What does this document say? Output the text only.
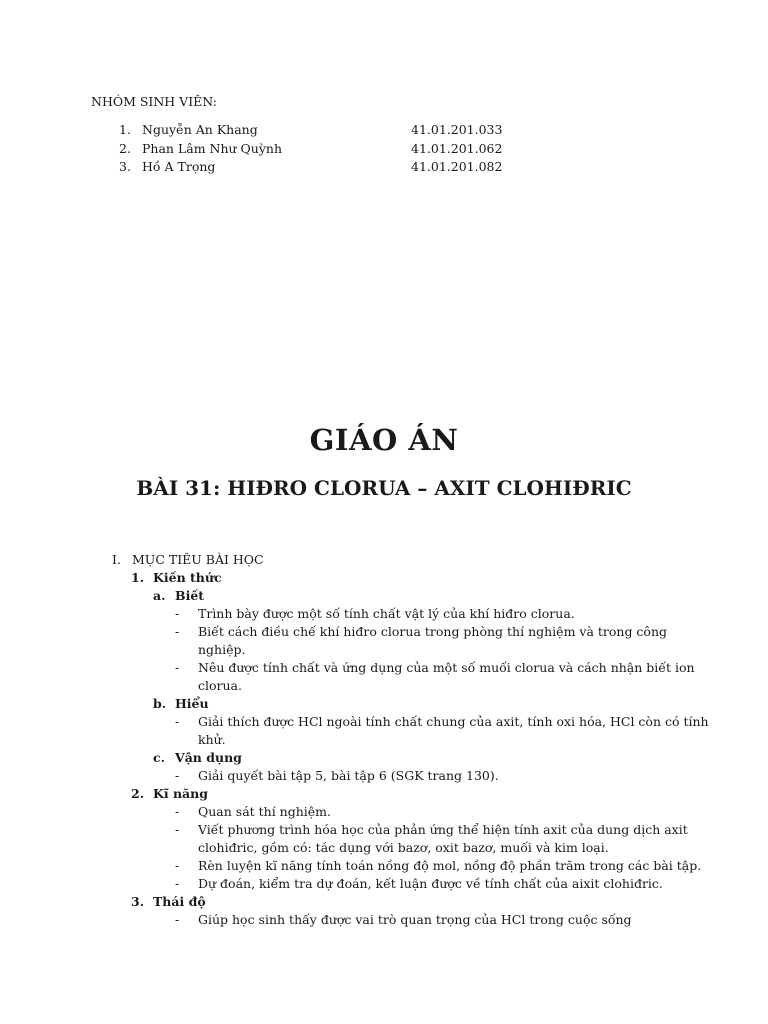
NHÓM SINH VIÊN:
1. Nguyễn An Khang	41.01.201.033
2. Phan Lâm Như Quỳnh	41.01.201.062
3. Hồ A Trọng	41.01.201.082
GIÁO ÁN
BÀI 31: HIĐRO CLORUA – AXIT CLOHIĐRIC
I. MỤC TIÊU BÀI HỌC
1. Kiến thức
a. Biết
- Trình bày được một số tính chất vật lý của khí hiđro clorua.
- Biết cách điều chế khí hiđro clorua trong phòng thí nghiệm và trong công
nghiệp.
- Nêu được tính chất và ứng dụng của một số muối clorua và cách nhận biết ion
clorua.
b. Hiểu
- Giải thích được HCl ngoài tính chất chung của axit, tính oxi hóa, HCl còn có tính
khử.
c. Vận dụng
- Giải quyết bài tập 5, bài tập 6 (SGK trang 130).
2. Kĩ năng
- Quan sát thí nghiệm.
- Viết phương trình hóa học của phản ứng thể hiện tính axit của dung dịch axit
clohiđric, gồm có: tác dụng với bazơ, oxit bazơ, muối và kim loại.
- Rèn luyện kĩ năng tính toán nồng độ mol, nồng độ phần trăm trong các bài tập.
- Dự đoán, kiểm tra dự đoán, kết luận được về tính chất của aixit clohiđric.
3. Thái độ
- Giúp học sinh thấy được vai trò quan trọng của HCl trong cuộc sống
